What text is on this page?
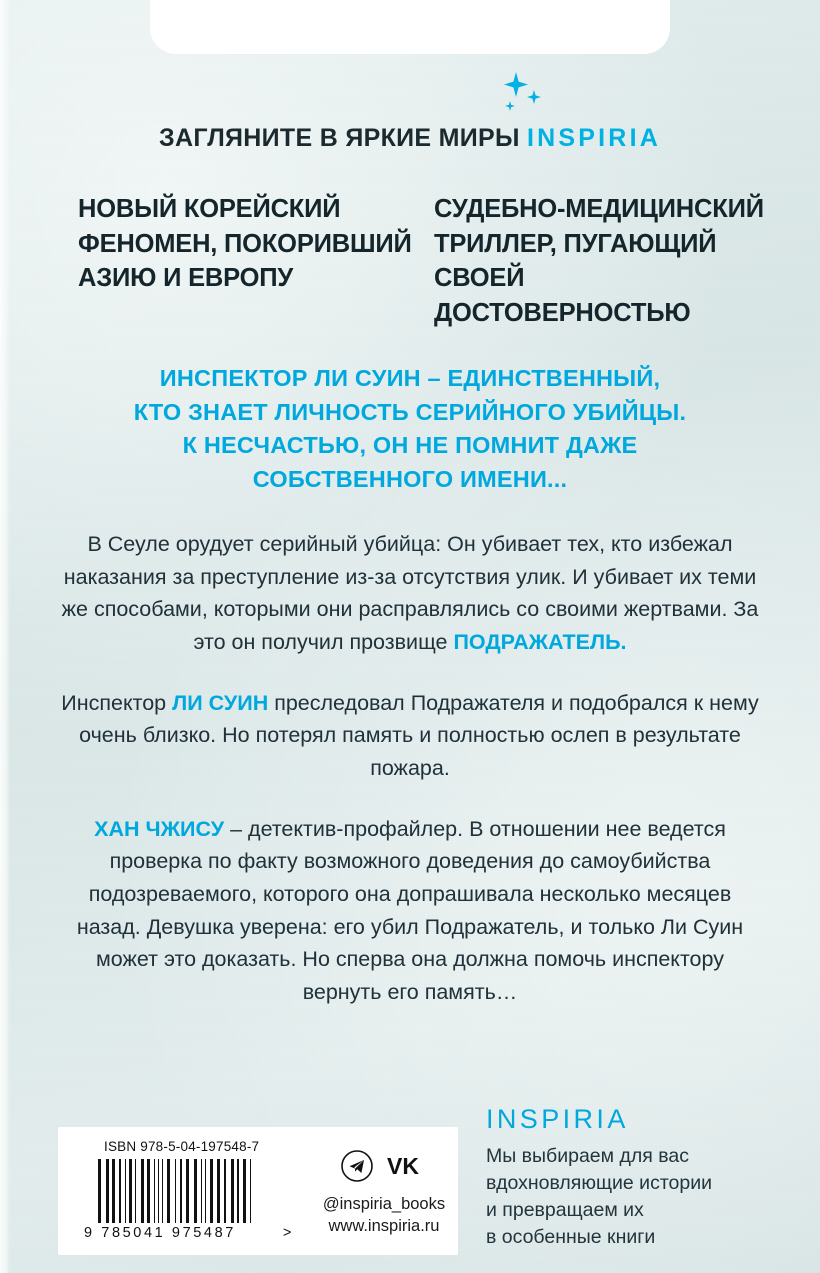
ЗАГЛЯНИТЕ В ЯРКИЕ МИРЫ INSPIRIA
НОВЫЙ КОРЕЙСКИЙ ФЕНОМЕН, ПОКОРИВШИЙ АЗИЮ И ЕВРОПУ
СУДЕБНО-МЕДИЦИНСКИЙ ТРИЛЛЕР, ПУГАЮЩИЙ СВОЕЙ ДОСТОВЕРНОСТЬЮ
ИНСПЕКТОР ЛИ СУИН – ЕДИНСТВЕННЫЙ,
КТО ЗНАЕТ ЛИЧНОСТЬ СЕРИЙНОГО УБИЙЦЫ.
К НЕСЧАСТЬЮ, ОН НЕ ПОМНИТ ДАЖЕ
СОБСТВЕННОГО ИМЕНИ...

В Сеуле орудует серийный убийца: Он убивает тех, кто избежал наказания за преступление из-за отсутствия улик. И убивает их теми же способами, которыми они расправлялись со своими жертвами. За это он получил прозвище ПОДРАЖАТЕЛЬ.

Инспектор ЛИ СУИН преследовал Подражателя и подобрался к нему очень близко. Но потерял память и полностью ослеп в результате пожара.

ХАН ЧЖИСУ – детектив-профайлер. В отношении нее ведется проверка по факту возможного доведения до самоубийства подозреваемого, которого она допрашивала несколько месяцев назад. Девушка уверена: его убил Подражатель, и только Ли Суин может это доказать. Но сперва она должна помочь инспектору вернуть его память…

ISBN 978-5-04-197548-7
9 785041 975487	>
VK
@inspiria_books
www.inspiria.ru
INSPIRIA
Мы выбираем для вас
вдохновляющие истории
и превращаем их
в особенные книги
